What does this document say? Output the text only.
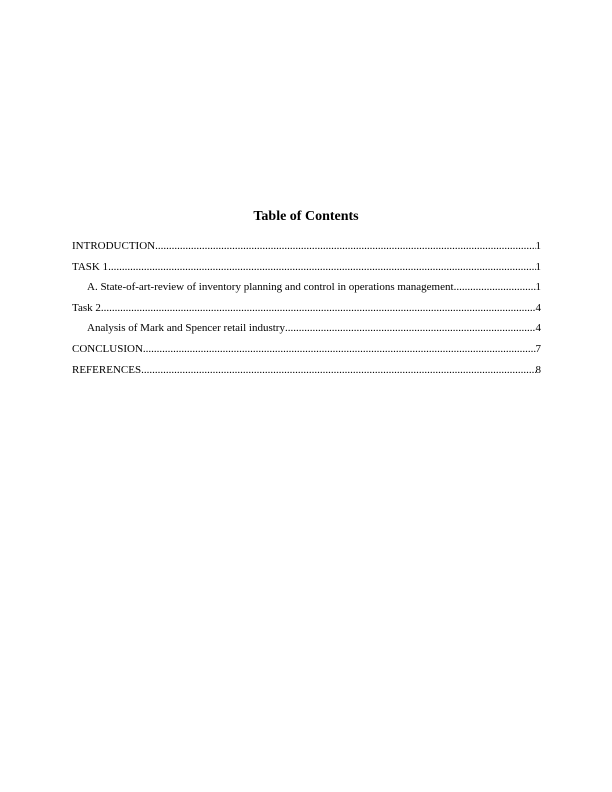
Table of Contents
INTRODUCTION .....	1
TASK 1 .....	1
A. State-of-art-review of inventory planning and control in operations management .....	1
Task 2 .....	4
Analysis of Mark and Spencer retail industry .....	4
CONCLUSION .....	7
REFERENCES .....	8
